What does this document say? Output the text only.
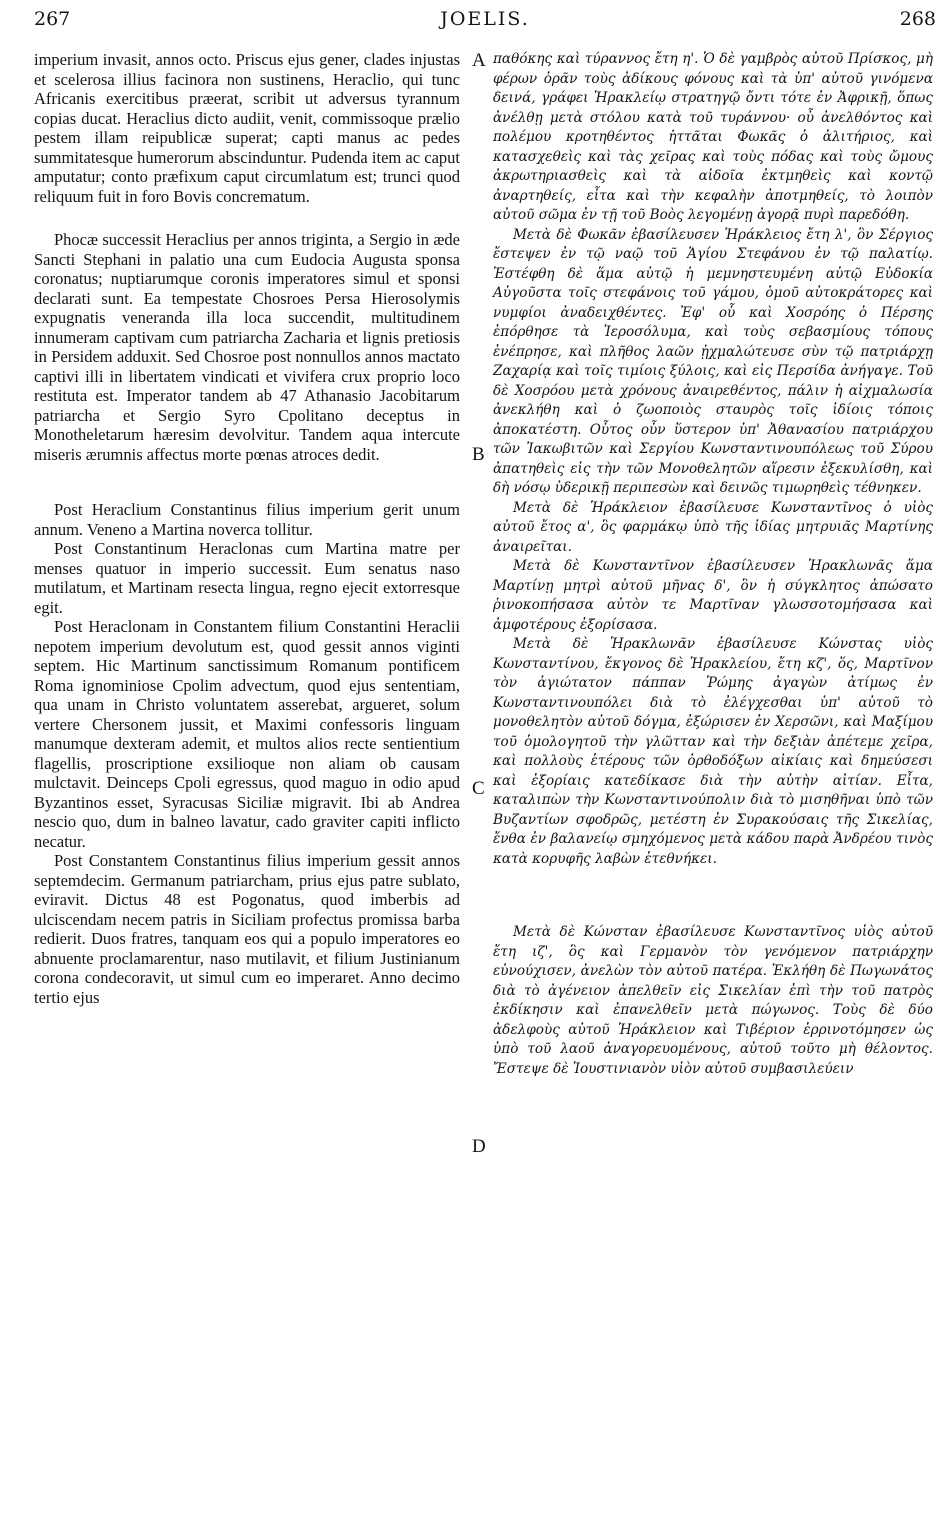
267	JOELIS.	268
A
B
C
D

imperium invasit, annos octo. Priscus ejus gener, clades injustas et scelerosa illius facinora non sustinens, Heraclio, qui tunc Africanis exercitibus præerat, scribit ut adversus tyrannum copias ducat. Heraclius dicto audiit, venit, commissoque prælio pestem illam reipublicæ superat; capti manus ac pedes summitatesque humerorum abscinduntur. Pudenda item ac caput amputatur; conto præfixum caput circumlatum est; trunci quod reliquum fuit in foro Bovis concrematum.

Phocæ successit Heraclius per annos triginta, a Sergio in æde Sancti Stephani in palatio una cum Eudocia Augusta sponsa coronatus; nuptiarumque coronis imperatores simul et sponsi declarati sunt. Ea tempestate Chosroes Persa Hierosolymis expugnatis veneranda illa loca succendit, multitudinem innumeram captivam cum patriarcha Zacharia et lignis pretiosis in Persidem adduxit. Sed Chosroe post nonnullos annos mactato captivi illi in libertatem vindicati et vivifera crux proprio loco restituta est. Imperator tandem ab 47 Athanasio Jacobitarum patriarcha et Sergio Syro Cpolitano deceptus in Monotheletarum hæresim devolvitur. Tandem aqua intercute miseris ærumnis affectus morte pœnas atroces dedit.

Post Heraclium Constantinus filius imperium gerit unum annum. Veneno a Martina noverca tollitur.

Post Constantinum Heraclonas cum Martina matre per menses quatuor in imperio successit. Eum senatus naso mutilatum, et Martinam resecta lingua, regno ejecit extorresque egit.

Post Heraclonam in Constantem filium Constantini Heraclii nepotem imperium devolutum est, quod gessit annos viginti septem. Hic Martinum sanctissimum Romanum pontificem Roma ignominiose Cpolim advectum, quod ejus sententiam, qua unam in Christo voluntatem asserebat, argueret, solum vertere Chersonem jussit, et Maximi confessoris linguam manumque dexteram ademit, et multos alios recte sentientium flagellis, proscriptione exsilioque non aliam ob causam mulctavit. Deinceps Cpoli egressus, quod maguo in odio apud Byzantinos esset, Syracusas Siciliæ migravit. Ibi ab Andrea nescio quo, dum in balneo lavatur, cado graviter capiti inflicto necatur.

Post Constantem Constantinus filius imperium gessit annos septemdecim. Germanum patriarcham, prius ejus patre sublato, eviravit. Dictus 48 est Pogonatus, quod imberbis ad ulciscendam necem patris in Siciliam profectus promissa barba redierit. Duos fratres, tanquam eos qui a populo imperatores eo abnuente proclamarentur, naso mutilavit, et filium Justinianum corona condecoravit, ut simul cum eo imperaret. Anno decimo tertio ejus

παθόκης καὶ τύραννος ἔτη η'. Ὁ δὲ γαμβρὸς αὐτοῦ Πρίσκος, μὴ φέρων ὁρᾶν τοὺς ἀδίκους φόνους καὶ τὰ ὑπ' αὐτοῦ γινόμενα δεινά, γράφει Ἡρακλείῳ στρατηγῷ ὄντι τότε ἐν Ἀφρικῇ, ὅπως ἀνέλθῃ μετὰ στόλου κατὰ τοῦ τυράννου· οὗ ἀνελθόντος καὶ πολέμου κροτηθέντος ἡττᾶται Φωκᾶς ὁ ἀλιτήριος, καὶ κατασχεθεὶς καὶ τὰς χεῖρας καὶ τοὺς πόδας καὶ τοὺς ὤμους ἀκρωτηριασθεὶς καὶ τὰ αἰδοῖα ἐκτμηθεὶς καὶ κοντῷ ἀναρτηθείς, εἶτα καὶ τὴν κεφαλὴν ἀποτμηθείς, τὸ λοιπὸν αὐτοῦ σῶμα ἐν τῇ τοῦ Βοὸς λεγομένῃ ἀγορᾷ πυρὶ παρεδόθη.

Μετὰ δὲ Φωκᾶν ἐβασίλευσεν Ἡράκλειος ἔτη λ', ὃν Σέργιος ἔστεψεν ἐν τῷ ναῷ τοῦ Ἁγίου Στεφάνου ἐν τῷ παλατίῳ. Ἐστέφθη δὲ ἅμα αὐτῷ ἡ μεμνηστευμένη αὐτῷ Εὐδοκία Αὐγοῦστα τοῖς στεφάνοις τοῦ γάμου, ὁμοῦ αὐτοκράτορες καὶ νυμφίοι ἀναδειχθέντες. Ἐφ' οὗ καὶ Χοσρόης ὁ Πέρσης ἐπόρθησε τὰ Ἱεροσόλυμα, καὶ τοὺς σεβασμίους τόπους ἐνέπρησε, καὶ πλῆθος λαῶν ᾐχμαλώτευσε σὺν τῷ πατριάρχῃ Ζαχαρίᾳ καὶ τοῖς τιμίοις ξύλοις, καὶ εἰς Περσίδα ἀνήγαγε. Τοῦ δὲ Χοσρόου μετὰ χρόνους ἀναιρεθέντος, πάλιν ἡ αἰχμαλωσία ἀνεκλήθη καὶ ὁ ζωοποιὸς σταυρὸς τοῖς ἰδίοις τόποις ἀποκατέστη. Οὗτος οὖν ὕστερον ὑπ' Ἀθανασίου πατριάρχου τῶν Ἰακωβιτῶν καὶ Σεργίου Κωνσταντινουπόλεως τοῦ Σύρου ἀπατηθεὶς εἰς τὴν τῶν Μονοθελητῶν αἵρεσιν ἐξεκυλίσθη, καὶ δὴ νόσῳ ὑδερικῇ περιπεσὼν καὶ δεινῶς τιμωρηθεὶς τέθνηκεν.

Μετὰ δὲ Ἡράκλειον ἐβασίλευσε Κωνσταντῖνος ὁ υἱὸς αὐτοῦ ἔτος α', ὃς φαρμάκῳ ὑπὸ τῆς ἰδίας μητρυιᾶς Μαρτίνης ἀναιρεῖται.

Μετὰ δὲ Κωνσταντῖνον ἐβασίλευσεν Ἡρακλωνᾶς ἅμα Μαρτίνῃ μητρὶ αὐτοῦ μῆνας δ', ὃν ἡ σύγκλητος ἀπώσατο ῥινοκοπήσασα αὐτὸν τε Μαρτῖναν γλωσσοτομήσασα καὶ ἀμφοτέρους ἐξορίσασα.

Μετὰ δὲ Ἡρακλωνᾶν ἐβασίλευσε Κώνστας υἱὸς Κωνσταντίνου, ἔκγονος δὲ Ἡρακλείου, ἔτη κζ', ὅς, Μαρτῖνον τὸν ἁγιώτατον πάππαν Ῥώμης ἀγαγὼν ἀτίμως ἐν Κωνσταντινουπόλει διὰ τὸ ἐλέγχεσθαι ὑπ' αὐτοῦ τὸ μονοθελητὸν αὐτοῦ δόγμα, ἐξώρισεν ἐν Χερσῶνι, καὶ Μαξίμου τοῦ ὁμολογητοῦ τὴν γλῶτταν καὶ τὴν δεξιὰν ἀπέτεμε χεῖρα, καὶ πολλοὺς ἑτέρους τῶν ὀρθοδόξων αἰκίαις καὶ δημεύσεσι καὶ ἐξορίαις κατεδίκασε διὰ τὴν αὐτὴν αἰτίαν. Εἶτα, καταλιπὼν τὴν Κωνσταντινούπολιν διὰ τὸ μισηθῆναι ὑπὸ τῶν Βυζαντίων σφοδρῶς, μετέστη ἐν Συρακούσαις τῆς Σικελίας, ἔνθα ἐν βαλανείῳ σμηχόμενος μετὰ κάδου παρὰ Ἀνδρέου τινὸς κατὰ κορυφῆς λαβὼν ἐτεθνήκει.

Μετὰ δὲ Κώνσταν ἐβασίλευσε Κωνσταντῖνος υἱὸς αὐτοῦ ἔτη ιζ', ὃς καὶ Γερμανὸν τὸν γενόμενον πατριάρχην εὐνούχισεν, ἀνελὼν τὸν αὐτοῦ πατέρα. Ἐκλήθη δὲ Πωγωνάτος διὰ τὸ ἀγένειον ἀπελθεῖν εἰς Σικελίαν ἐπὶ τὴν τοῦ πατρὸς ἐκδίκησιν καὶ ἐπανελθεῖν μετὰ πώγωνος. Τοὺς δὲ δύο ἀδελφοὺς αὐτοῦ Ἡράκλειον καὶ Τιβέριον ἐρρινοτόμησεν ὡς ὑπὸ τοῦ λαοῦ ἀναγορευομένους, αὐτοῦ τοῦτο μὴ θέλοντος. Ἔστεψε δὲ Ἰουστινιανὸν υἱὸν αὐτοῦ συμβασιλεύειν
